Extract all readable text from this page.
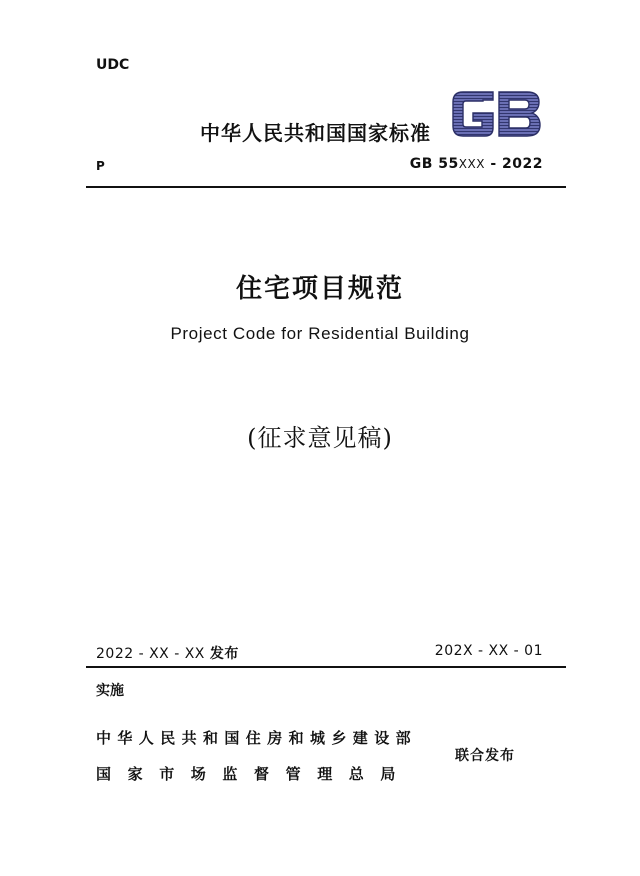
UDC
中华人民共和国国家标准
P	GB 55XXX - 2022
住宅项目规范
Project Code for Residential Building
(征求意见稿)
2022 - XX - XX 发布	202X - XX - 01
实施
中华人民共和国住房和城乡建设部
国家市场监督管理总局
联合发布
